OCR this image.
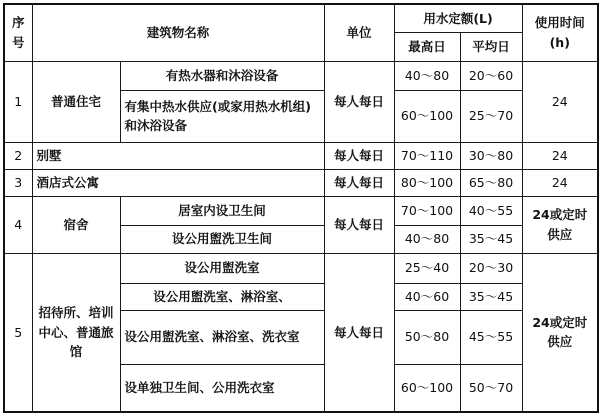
序号	建筑物名称		单位	用水定额(L)		使用时间
(h)

				最高日	平均日	
1	普通住宅	有热水器和沐浴设备	每人每日	40～80	20～60	24
		有集中热水供应(或家用热水机组)和沐浴设备		60～100	25～70	
2	别墅		每人每日	70～110	30～80	24
3	酒店式公寓		每人每日	80～100	65～80	24
4	宿舍	居室内设卫生间	每人每日	70～100	40～55	24或定时供应
		设公用盥洗卫生间		40～80	35～45	
5	招待所、培训中心、普通旅馆	设公用盥洗室	每人每日	25～40	20～30	24或定时供应
		设公用盥洗室、淋浴室、		40～60	35～45	
		设公用盥洗室、淋浴室、洗衣室		50～80	45～55	
		设单独卫生间、公用洗衣室		60～100	50～70	
